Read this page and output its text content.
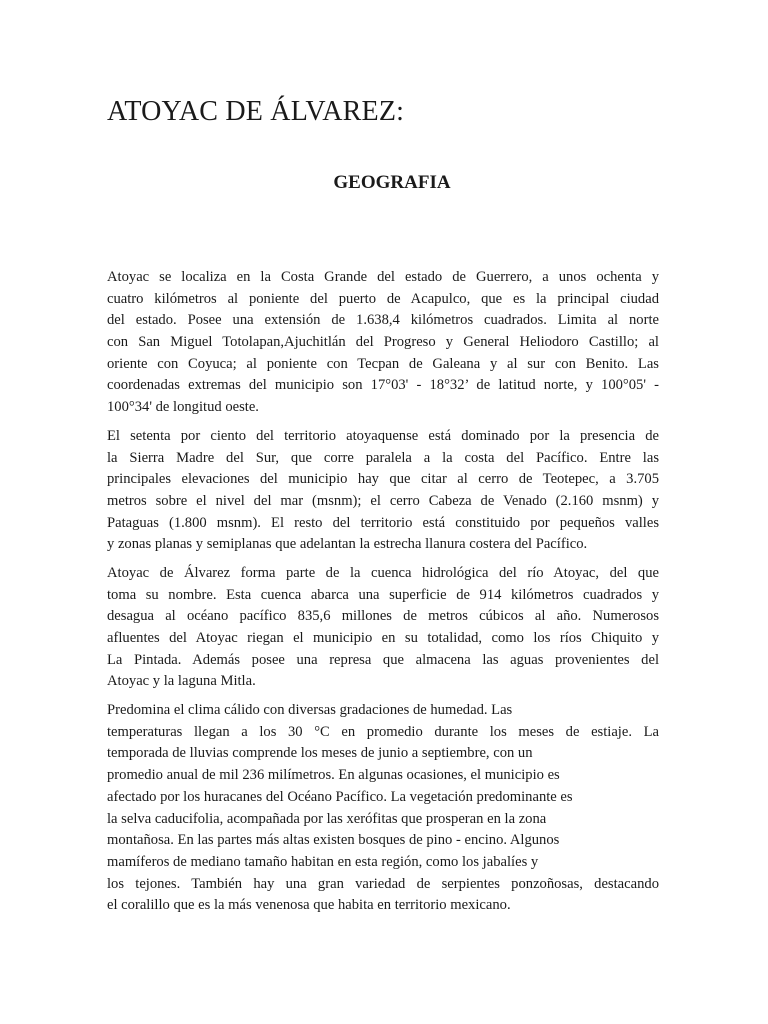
ATOYAC DE ÁLVAREZ:
GEOGRAFIA

Atoyac se localiza en la Costa Grande del estado de Guerrero, a unos ochenta y
cuatro kilómetros al poniente del puerto de Acapulco, que es la principal ciudad
del estado. Posee una extensión de 1.638,4 kilómetros cuadrados. Limita al norte
con San Miguel Totolapan,Ajuchitlán del Progreso y General Heliodoro Castillo; al
oriente con Coyuca; al poniente con Tecpan de Galeana y al sur con Benito. Las
coordenadas extremas del municipio son 17°03' - 18°32’ de latitud norte, y 100°05' -
100°34' de longitud oeste.

El setenta por ciento del territorio atoyaquense está dominado por la presencia de
la Sierra Madre del Sur, que corre paralela a la costa del Pacífico. Entre las
principales elevaciones del municipio hay que citar al cerro de Teotepec, a 3.705
metros sobre el nivel del mar (msnm); el cerro Cabeza de Venado (2.160 msnm) y
Pataguas (1.800 msnm). El resto del territorio está constituido por pequeños valles
y zonas planas y semiplanas que adelantan la estrecha llanura costera del Pacífico.

Atoyac de Álvarez forma parte de la cuenca hidrológica del río Atoyac, del que
toma su nombre. Esta cuenca abarca una superficie de 914 kilómetros cuadrados y
desagua al océano pacífico 835,6 millones de metros cúbicos al año. Numerosos
afluentes del Atoyac riegan el municipio en su totalidad, como los ríos Chiquito y
La Pintada. Además posee una represa que almacena las aguas provenientes del
Atoyac y la laguna Mitla.

Predomina el clima cálido con diversas gradaciones de humedad. Las
temperaturas llegan a los 30 °C en promedio durante los meses de estiaje. La
temporada de lluvias comprende los meses de junio a septiembre, con un
promedio anual de mil 236 milímetros. En algunas ocasiones, el municipio es
afectado por los huracanes del Océano Pacífico. La vegetación predominante es
la selva caducifolia, acompañada por las xerófitas que prosperan en la zona
montañosa. En las partes más altas existen bosques de pino - encino. Algunos
mamíferos de mediano tamaño habitan en esta región, como los jabalíes y
los tejones. También hay una gran variedad de serpientes ponzoñosas, destacando
el coralillo que es la más venenosa que habita en territorio mexicano.
